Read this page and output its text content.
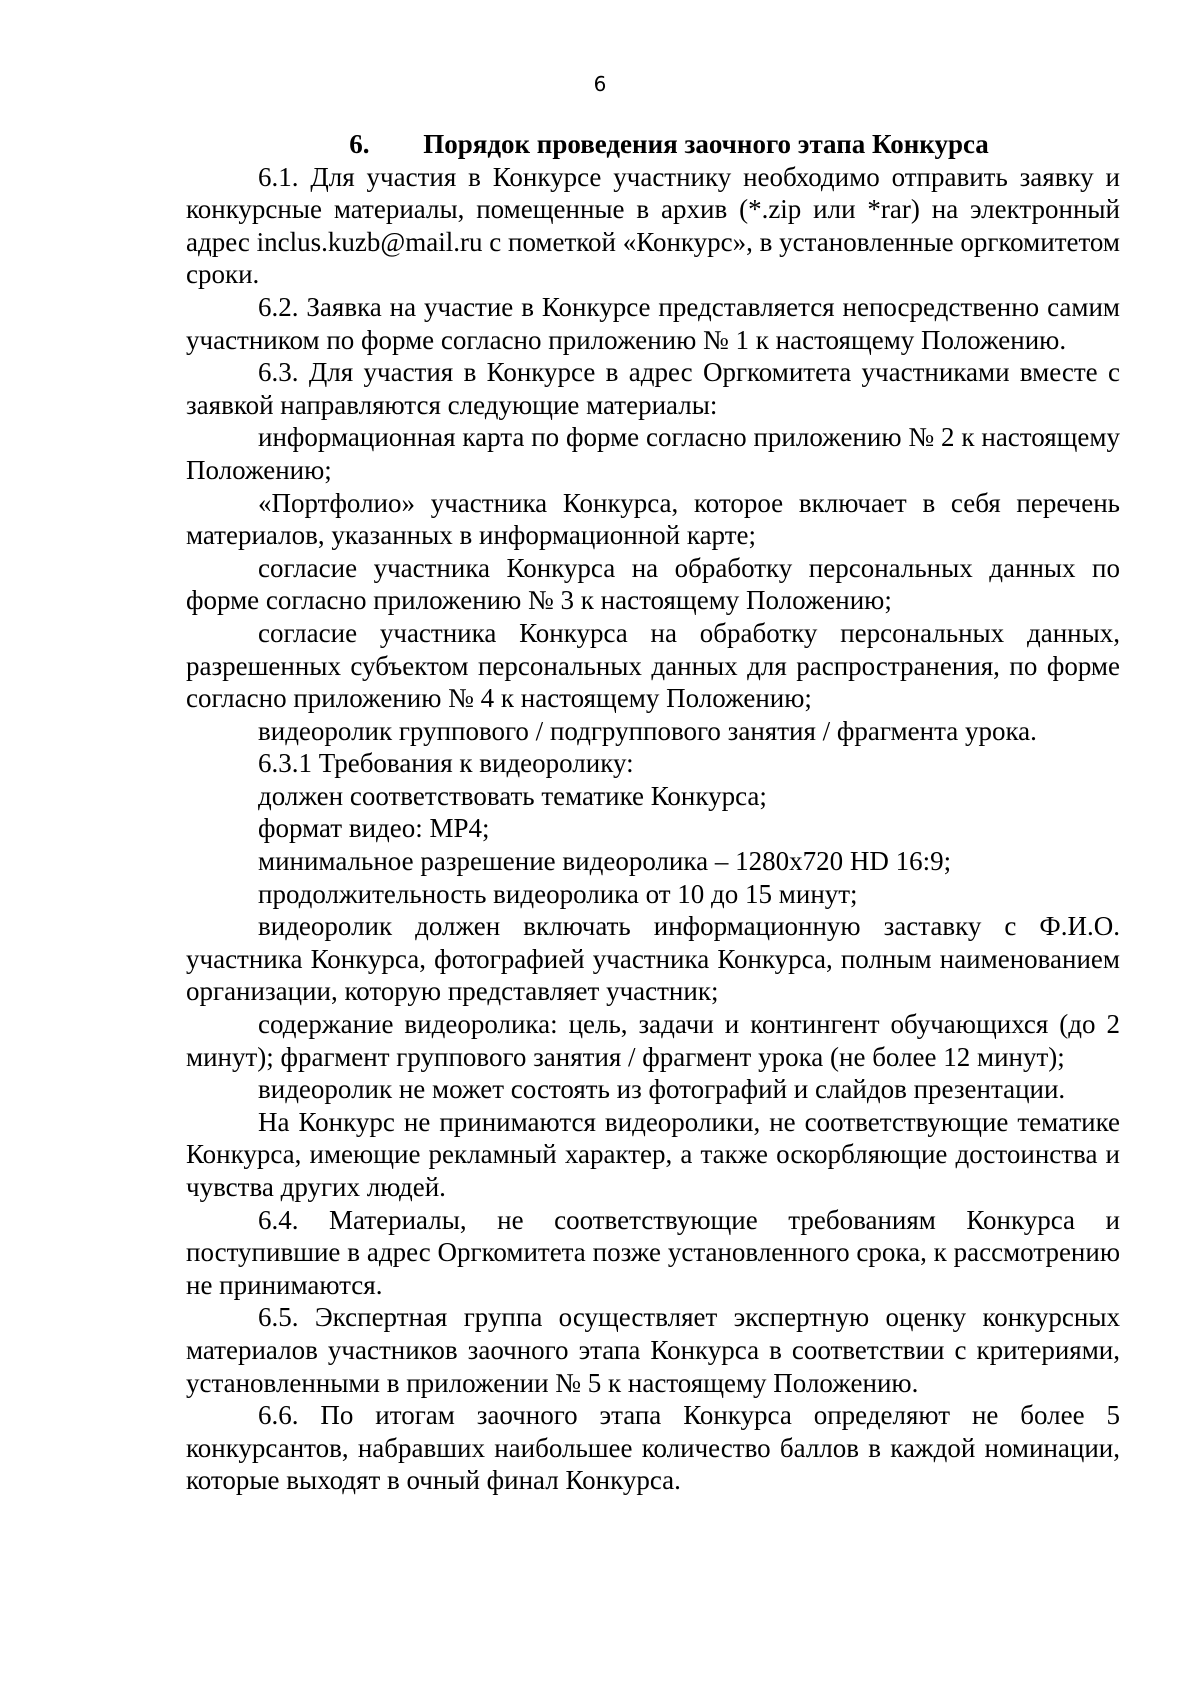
6
6. Порядок проведения заочного этапа Конкурса

6.1. Для участия в Конкурсе участнику необходимо отправить заявку и конкурсные материалы, помещенные в архив (*.zip или *rar) на электронный адрес inclus.kuzb@mail.ru с пометкой «Конкурс», в установленные оргкомитетом сроки.

6.2. Заявка на участие в Конкурсе представляется непосредственно самим участником по форме согласно приложению № 1 к настоящему Положению.

6.3. Для участия в Конкурсе в адрес Оргкомитета участниками вместе с заявкой направляются следующие материалы:

информационная карта по форме согласно приложению № 2 к настоящему Положению;

«Портфолио» участника Конкурса, которое включает в себя перечень материалов, указанных в информационной карте;

согласие участника Конкурса на обработку персональных данных по форме согласно приложению № 3 к настоящему Положению;

согласие участника Конкурса на обработку персональных данных, разрешенных субъектом персональных данных для распространения, по форме согласно приложению № 4 к настоящему Положению;

видеоролик группового / подгруппового занятия / фрагмента урока.

6.3.1 Требования к видеоролику:

должен соответствовать тематике Конкурса;

формат видео: MP4;

минимальное разрешение видеоролика – 1280х720 HD 16:9;

продолжительность видеоролика от 10 до 15 минут;

видеоролик должен включать информационную заставку с Ф.И.О. участника Конкурса, фотографией участника Конкурса, полным наименованием организации, которую представляет участник;

содержание видеоролика: цель, задачи и контингент обучающихся (до 2 минут); фрагмент группового занятия / фрагмент урока (не более 12 минут);

видеоролик не может состоять из фотографий и слайдов презентации.

На Конкурс не принимаются видеоролики, не соответствующие тематике Конкурса, имеющие рекламный характер, а также оскорбляющие достоинства и чувства других людей.

6.4. Материалы, не соответствующие требованиям Конкурса и поступившие в адрес Оргкомитета позже установленного срока, к рассмотрению не принимаются.

6.5. Экспертная группа осуществляет экспертную оценку конкурсных материалов участников заочного этапа Конкурса в соответствии с критериями, установленными в приложении № 5 к настоящему Положению.

6.6. По итогам заочного этапа Конкурса определяют не более 5 конкурсантов, набравших наибольшее количество баллов в каждой номинации, которые выходят в очный финал Конкурса.
